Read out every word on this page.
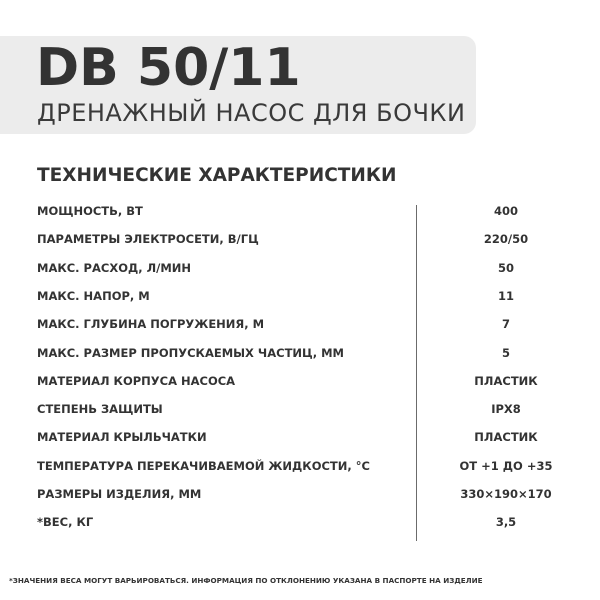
DB 50/11
ДРЕНАЖНЫЙ НАСОС ДЛЯ БОЧКИ
ТЕХНИЧЕСКИЕ ХАРАКТЕРИСТИКИ
МОЩНОСТЬ, ВТ	400
ПАРАМЕТРЫ ЭЛЕКТРОСЕТИ, В/ГЦ	220/50
МАКС. РАСХОД, Л/МИН	50
МАКС. НАПОР, М	11
МАКС. ГЛУБИНА ПОГРУЖЕНИЯ, М	7
МАКС. РАЗМЕР ПРОПУСКАЕМЫХ ЧАСТИЦ, ММ	5
МАТЕРИАЛ КОРПУСА НАСОСА	ПЛАСТИК
СТЕПЕНЬ ЗАЩИТЫ	IPX8
МАТЕРИАЛ КРЫЛЬЧАТКИ	ПЛАСТИК
ТЕМПЕРАТУРА ПЕРЕКАЧИВАЕМОЙ ЖИДКОСТИ, °С	ОТ +1 ДО +35
РАЗМЕРЫ ИЗДЕЛИЯ, ММ	330×190×170
*ВЕС, КГ	3,5
*ЗНАЧЕНИЯ ВЕСА МОГУТ ВАРЬИРОВАТЬСЯ. ИНФОРМАЦИЯ ПО ОТКЛОНЕНИЮ УКАЗАНА В ПАСПОРТЕ НА ИЗДЕЛИЕ
